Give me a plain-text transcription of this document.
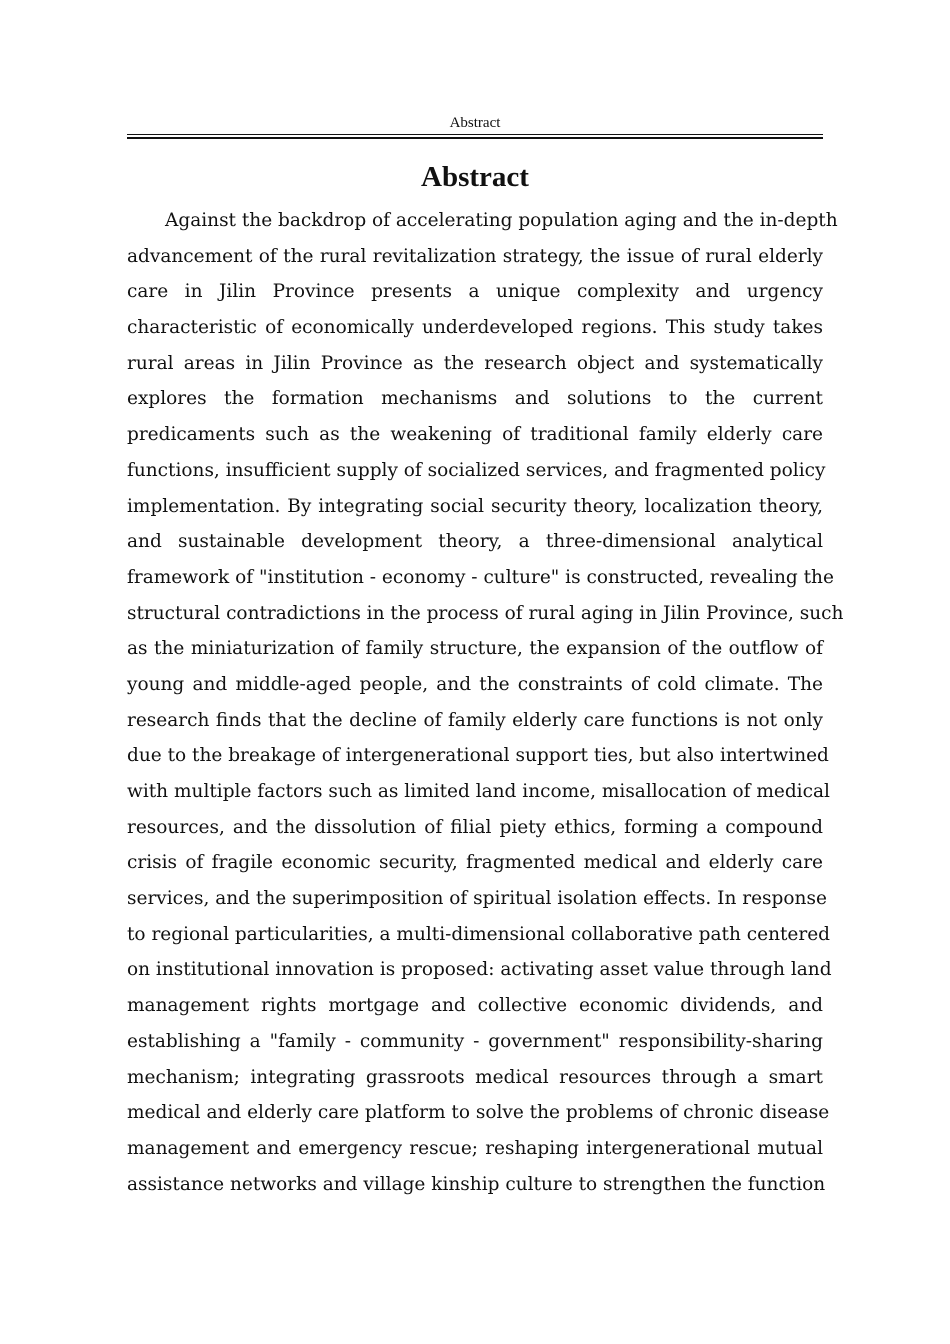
Abstract
Abstract
Against the backdrop of accelerating population aging and the in-depth
advancement of the rural revitalization strategy, the issue of rural elderly
care in Jilin Province presents a unique complexity and urgency
characteristic of economically underdeveloped regions. This study takes
rural areas in Jilin Province as the research object and systematically
explores the formation mechanisms and solutions to the current
predicaments such as the weakening of traditional family elderly care
functions, insufficient supply of socialized services, and fragmented policy
implementation. By integrating social security theory, localization theory,
and sustainable development theory, a three-dimensional analytical
framework of "institution - economy - culture" is constructed, revealing the
structural contradictions in the process of rural aging in Jilin Province, such
as the miniaturization of family structure, the expansion of the outflow of
young and middle-aged people, and the constraints of cold climate. The
research finds that the decline of family elderly care functions is not only
due to the breakage of intergenerational support ties, but also intertwined
with multiple factors such as limited land income, misallocation of medical
resources, and the dissolution of filial piety ethics, forming a compound
crisis of fragile economic security, fragmented medical and elderly care
services, and the superimposition of spiritual isolation effects. In response
to regional particularities, a multi-dimensional collaborative path centered
on institutional innovation is proposed: activating asset value through land
management rights mortgage and collective economic dividends, and
establishing a "family - community - government" responsibility-sharing
mechanism; integrating grassroots medical resources through a smart
medical and elderly care platform to solve the problems of chronic disease
management and emergency rescue; reshaping intergenerational mutual
assistance networks and village kinship culture to strengthen the function
